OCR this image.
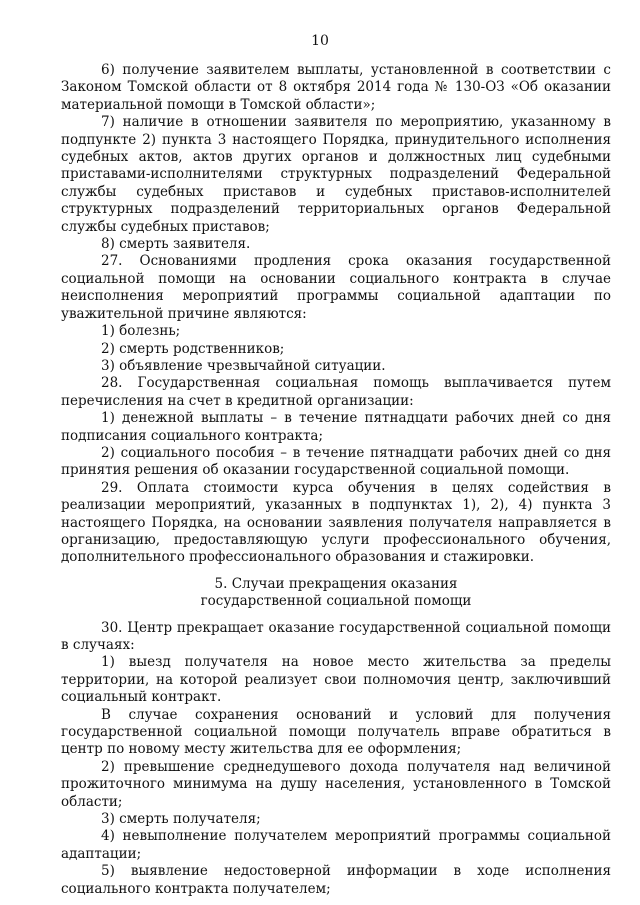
10

6) получение заявителем выплаты, установленной в соответствии с Законом Томской области от 8 октября 2014 года № 130-ОЗ «Об оказании материальной помощи в Томской области»;

7) наличие в отношении заявителя по мероприятию, указанному в подпункте 2) пункта 3 настоящего Порядка, принудительного исполнения судебных актов, актов других органов и должностных лиц судебными приставами-исполнителями структурных подразделений Федеральной службы судебных приставов и судебных приставов-исполнителей структурных подразделений территориальных органов Федеральной службы судебных приставов;

8) смерть заявителя.

27. Основаниями продления срока оказания государственной социальной помощи на основании социального контракта в случае неисполнения мероприятий программы социальной адаптации по уважительной причине являются:

1) болезнь;

2) смерть родственников;

3) объявление чрезвычайной ситуации.

28. Государственная социальная помощь выплачивается путем перечисления на счет в кредитной организации:

1) денежной выплаты – в течение пятнадцати рабочих дней со дня подписания социального контракта;

2) социального пособия – в течение пятнадцати рабочих дней со дня принятия решения об оказании государственной социальной помощи.

29. Оплата стоимости курса обучения в целях содействия в реализации мероприятий, указанных в подпунктах 1), 2), 4) пункта 3 настоящего Порядка, на основании заявления получателя направляется в организацию, предоставляющую услуги профессионального обучения, дополнительного профессионального образования и стажировки.

5. Случаи прекращения оказания

государственной социальной помощи

30. Центр прекращает оказание государственной социальной помощи в случаях:

1) выезд получателя на новое место жительства за пределы территории, на которой реализует свои полномочия центр, заключивший социальный контракт.

В случае сохранения оснований и условий для получения государственной социальной помощи получатель вправе обратиться в центр по новому месту жительства для ее оформления;

2) превышение среднедушевого дохода получателя над величиной прожиточного минимума на душу населения, установленного в Томской области;

3) смерть получателя;

4) невыполнение получателем мероприятий программы социальной адаптации;

5) выявление недостоверной информации в ходе исполнения социального контракта получателем;
